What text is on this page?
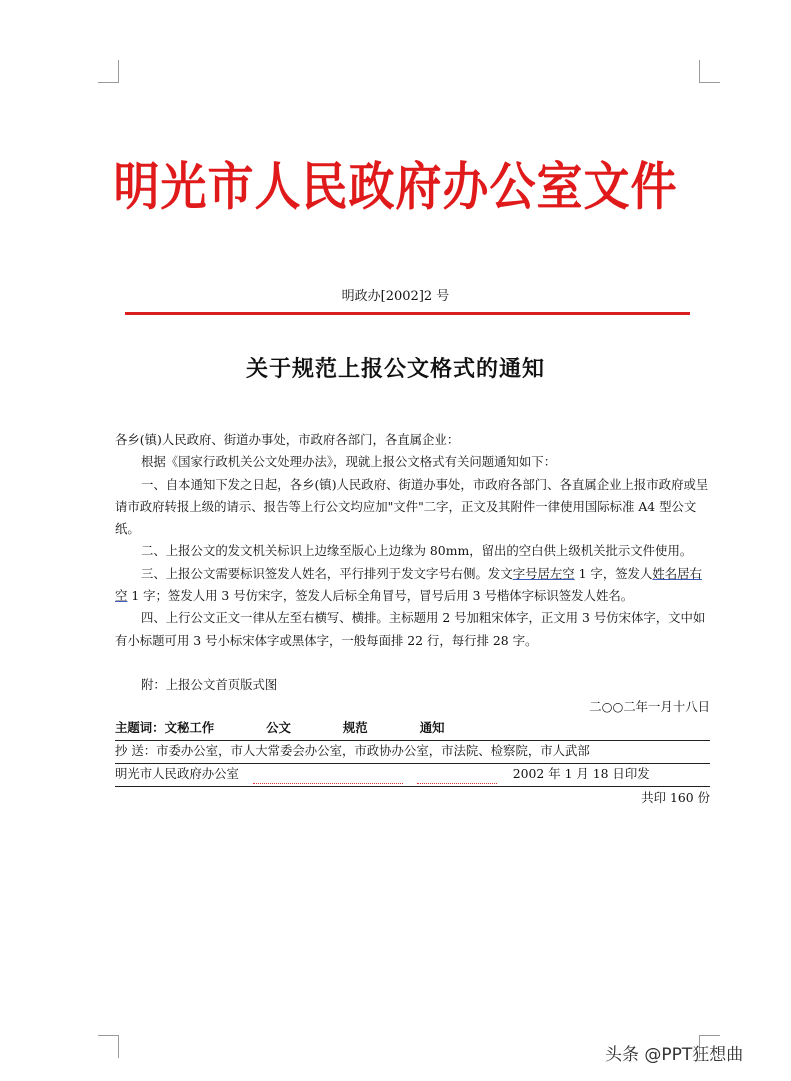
明光市人民政府办公室文件
明政办[2002]2 号
关于规范上报公文格式的通知

各乡(镇)人民政府、街道办事处，市政府各部门，各直属企业：

根据《国家行政机关公文处理办法》，现就上报公文格式有关问题通知如下：

一、自本通知下发之日起，各乡(镇)人民政府、街道办事处，市政府各部门、各直属企业上报市政府或呈请市政府转报上级的请示、报告等上行公文均应加"文件"二字，正文及其附件一律使用国际标准 A4 型公文纸。

二、上报公文的发文机关标识上边缘至版心上边缘为 80mm，留出的空白供上级机关批示文件使用。

三、上报公文需要标识签发人姓名，平行排列于发文字号右侧。发文字号居左空 1 字，签发人姓名居右空 1 字；签发人用 3 号仿宋字，签发人后标全角冒号，冒号后用 3 号楷体字标识签发人姓名。

四、上行公文正文一律从左至右横写、横排。主标题用 2 号加粗宋体字，正文用 3 号仿宋体字，文中如有小标题可用 3 号小标宋体字或黑体字，一般每面排 22 行，每行排 28 字。

附：上报公文首页版式图

二○○二年一月十八日

主题词：文秘工作	公文	规范	通知
抄 送：市委办公室，市人大常委会办公室，市政协办公室，市法院、检察院，市人武部
明光市人民政府办公室	2002 年 1 月 18 日印发
共印 160 份
头条 @PPT狂想曲
